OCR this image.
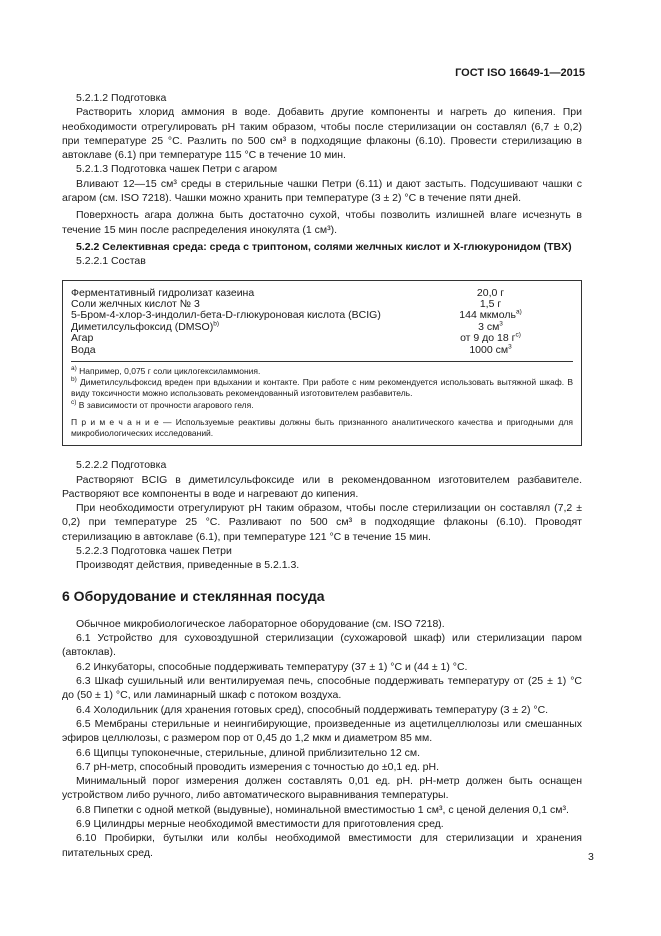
ГОСТ ISO 16649-1—2015

5.2.1.2 Подготовка

Растворить хлорид аммония в воде. Добавить другие компоненты и нагреть до кипения. При необходимости отрегулировать pH таким образом, чтобы после стерилизации он составлял (6,7 ± 0,2) при температуре 25 °C. Разлить по 500 см³ в подходящие флаконы (6.10). Провести стерилизацию в автоклаве (6.1) при температуре 115 °C в течение 10 мин.

5.2.1.3 Подготовка чашек Петри с агаром

Вливают 12—15 см³ среды в стерильные чашки Петри (6.11) и дают застыть. Подсушивают чашки с агаром (см. ISO 7218). Чашки можно хранить при температуре (3 ± 2) °C в течение пяти дней.

Поверхность агара должна быть достаточно сухой, чтобы позволить излишней влаге исчезнуть в течение 15 мин после распределения инокулята (1 см³).

5.2.2 Селективная среда: среда с триптоном, солями желчных кислот и X-глюкуронидом (TBX)

5.2.2.1 Состав

Ферментативный гидролизат казеина	20,0 г
Соли желчных кислот № 3	1,5 г
5-Бром-4-хлор-3-индолил-бета-D-глюкуроновая кислота (BCIG)	144 мкмоль$^{a)}$
Диметилсульфоксид (DMSO)$^{b)}$	3 $см^3$
Агар	от 9 до 18 $г^{c)}$
Вода	1000 $см^3$

$^{a)}$ Например, 0,075 г соли циклогексиламмония.

$^{b)}$ Диметилсульфоксид вреден при вдыхании и контакте. При работе с ним рекомендуется использовать вытяжной шкаф. В виду токсичности можно использовать рекомендованный изготовителем разбавитель.

$^{c)}$ В зависимости от прочности агарового геля.

П р и м е ч а н и е — Используемые реактивы должны быть признанного аналитического качества и пригодными для микробиологических исследований.

5.2.2.2 Подготовка

Растворяют BCIG в диметилсульфоксиде или в рекомендованном изготовителем разбавителе. Растворяют все компоненты в воде и нагревают до кипения.

При необходимости отрегулируют pH таким образом, чтобы после стерилизации он составлял (7,2 ± 0,2) при температуре 25 °C. Разливают по 500 см³ в подходящие флаконы (6.10). Проводят стерилизацию в автоклаве (6.1), при температуре 121 °C в течение 15 мин.

5.2.2.3 Подготовка чашек Петри

Производят действия, приведенные в 5.2.1.3.

6 Оборудование и стеклянная посуда

Обычное микробиологическое лабораторное оборудование (см. ISO 7218).

6.1 Устройство для суховоздушной стерилизации (сухожаровой шкаф) или стерилизации паром (автоклав).

6.2 Инкубаторы, способные поддерживать температуру (37 ± 1) °C и (44 ± 1) °C.

6.3 Шкаф сушильный или вентилируемая печь, способные поддерживать температуру от (25 ± 1) °C до (50 ± 1) °C, или ламинарный шкаф с потоком воздуха.

6.4 Холодильник (для хранения готовых сред), способный поддерживать температуру (3 ± 2) °C.

6.5 Мембраны стерильные и неингибирующие, произведенные из ацетилцеллюлозы или смешанных эфиров целлюлозы, с размером пор от 0,45 до 1,2 мкм и диаметром 85 мм.

6.6 Щипцы тупоконечные, стерильные, длиной приблизительно 12 см.

6.7 pH-метр, способный проводить измерения с точностью до ±0,1 ед. pH.

Минимальный порог измерения должен составлять 0,01 ед. pH. pH-метр должен быть оснащен устройством либо ручного, либо автоматического выравнивания температуры.

6.8 Пипетки с одной меткой (выдувные), номинальной вместимостью 1 см³, с ценой деления 0,1 см³.

6.9 Цилиндры мерные необходимой вместимости для приготовления сред.

6.10 Пробирки, бутылки или колбы необходимой вместимости для стерилизации и хранения питательных сред.	3
